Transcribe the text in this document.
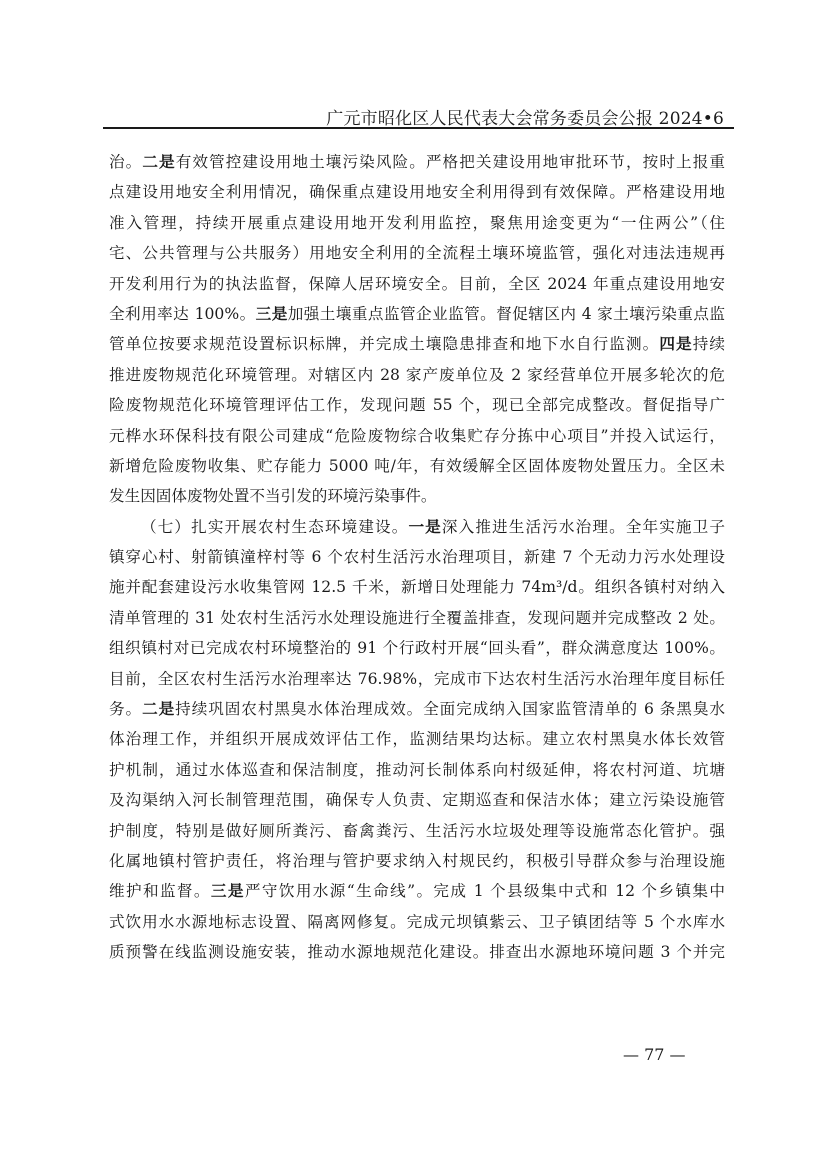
广元市昭化区人民代表大会常务委员会公报 2024•6
治。二是有效管控建设用地土壤污染风险。严格把关建设用地审批环节，按时上报重
点建设用地安全利用情况，确保重点建设用地安全利用得到有效保障。严格建设用地
准入管理，持续开展重点建设用地开发利用监控，聚焦用途变更为“一住两公”（住
宅、公共管理与公共服务）用地安全利用的全流程土壤环境监管，强化对违法违规再
开发利用行为的执法监督，保障人居环境安全。目前，全区 2024 年重点建设用地安
全利用率达 100%。三是加强土壤重点监管企业监管。督促辖区内 4 家土壤污染重点监
管单位按要求规范设置标识标牌，并完成土壤隐患排查和地下水自行监测。四是持续
推进废物规范化环境管理。对辖区内 28 家产废单位及 2 家经营单位开展多轮次的危
险废物规范化环境管理评估工作，发现问题 55 个，现已全部完成整改。督促指导广
元桦水环保科技有限公司建成“危险废物综合收集贮存分拣中心项目”并投入试运行，
新增危险废物收集、贮存能力 5000 吨/年，有效缓解全区固体废物处置压力。全区未
发生因固体废物处置不当引发的环境污染事件。
（七）扎实开展农村生态环境建设。一是深入推进生活污水治理。全年实施卫子
镇穿心村、射箭镇潼梓村等 6 个农村生活污水治理项目，新建 7 个无动力污水处理设
施并配套建设污水收集管网 12.5 千米，新增日处理能力 74m³/d。组织各镇村对纳入
清单管理的 31 处农村生活污水处理设施进行全覆盖排查，发现问题并完成整改 2 处。
组织镇村对已完成农村环境整治的 91 个行政村开展“回头看”，群众满意度达 100%。
目前，全区农村生活污水治理率达 76.98%，完成市下达农村生活污水治理年度目标任
务。二是持续巩固农村黑臭水体治理成效。全面完成纳入国家监管清单的 6 条黑臭水
体治理工作，并组织开展成效评估工作，监测结果均达标。建立农村黑臭水体长效管
护机制，通过水体巡查和保洁制度，推动河长制体系向村级延伸，将农村河道、坑塘
及沟渠纳入河长制管理范围，确保专人负责、定期巡查和保洁水体；建立污染设施管
护制度，特别是做好厕所粪污、畜禽粪污、生活污水垃圾处理等设施常态化管护。强
化属地镇村管护责任，将治理与管护要求纳入村规民约，积极引导群众参与治理设施
维护和监督。三是严守饮用水源“生命线”。完成 1 个县级集中式和 12 个乡镇集中
式饮用水水源地标志设置、隔离网修复。完成元坝镇紫云、卫子镇团结等 5 个水库水
质预警在线监测设施安装，推动水源地规范化建设。排查出水源地环境问题 3 个并完
— 77 —
